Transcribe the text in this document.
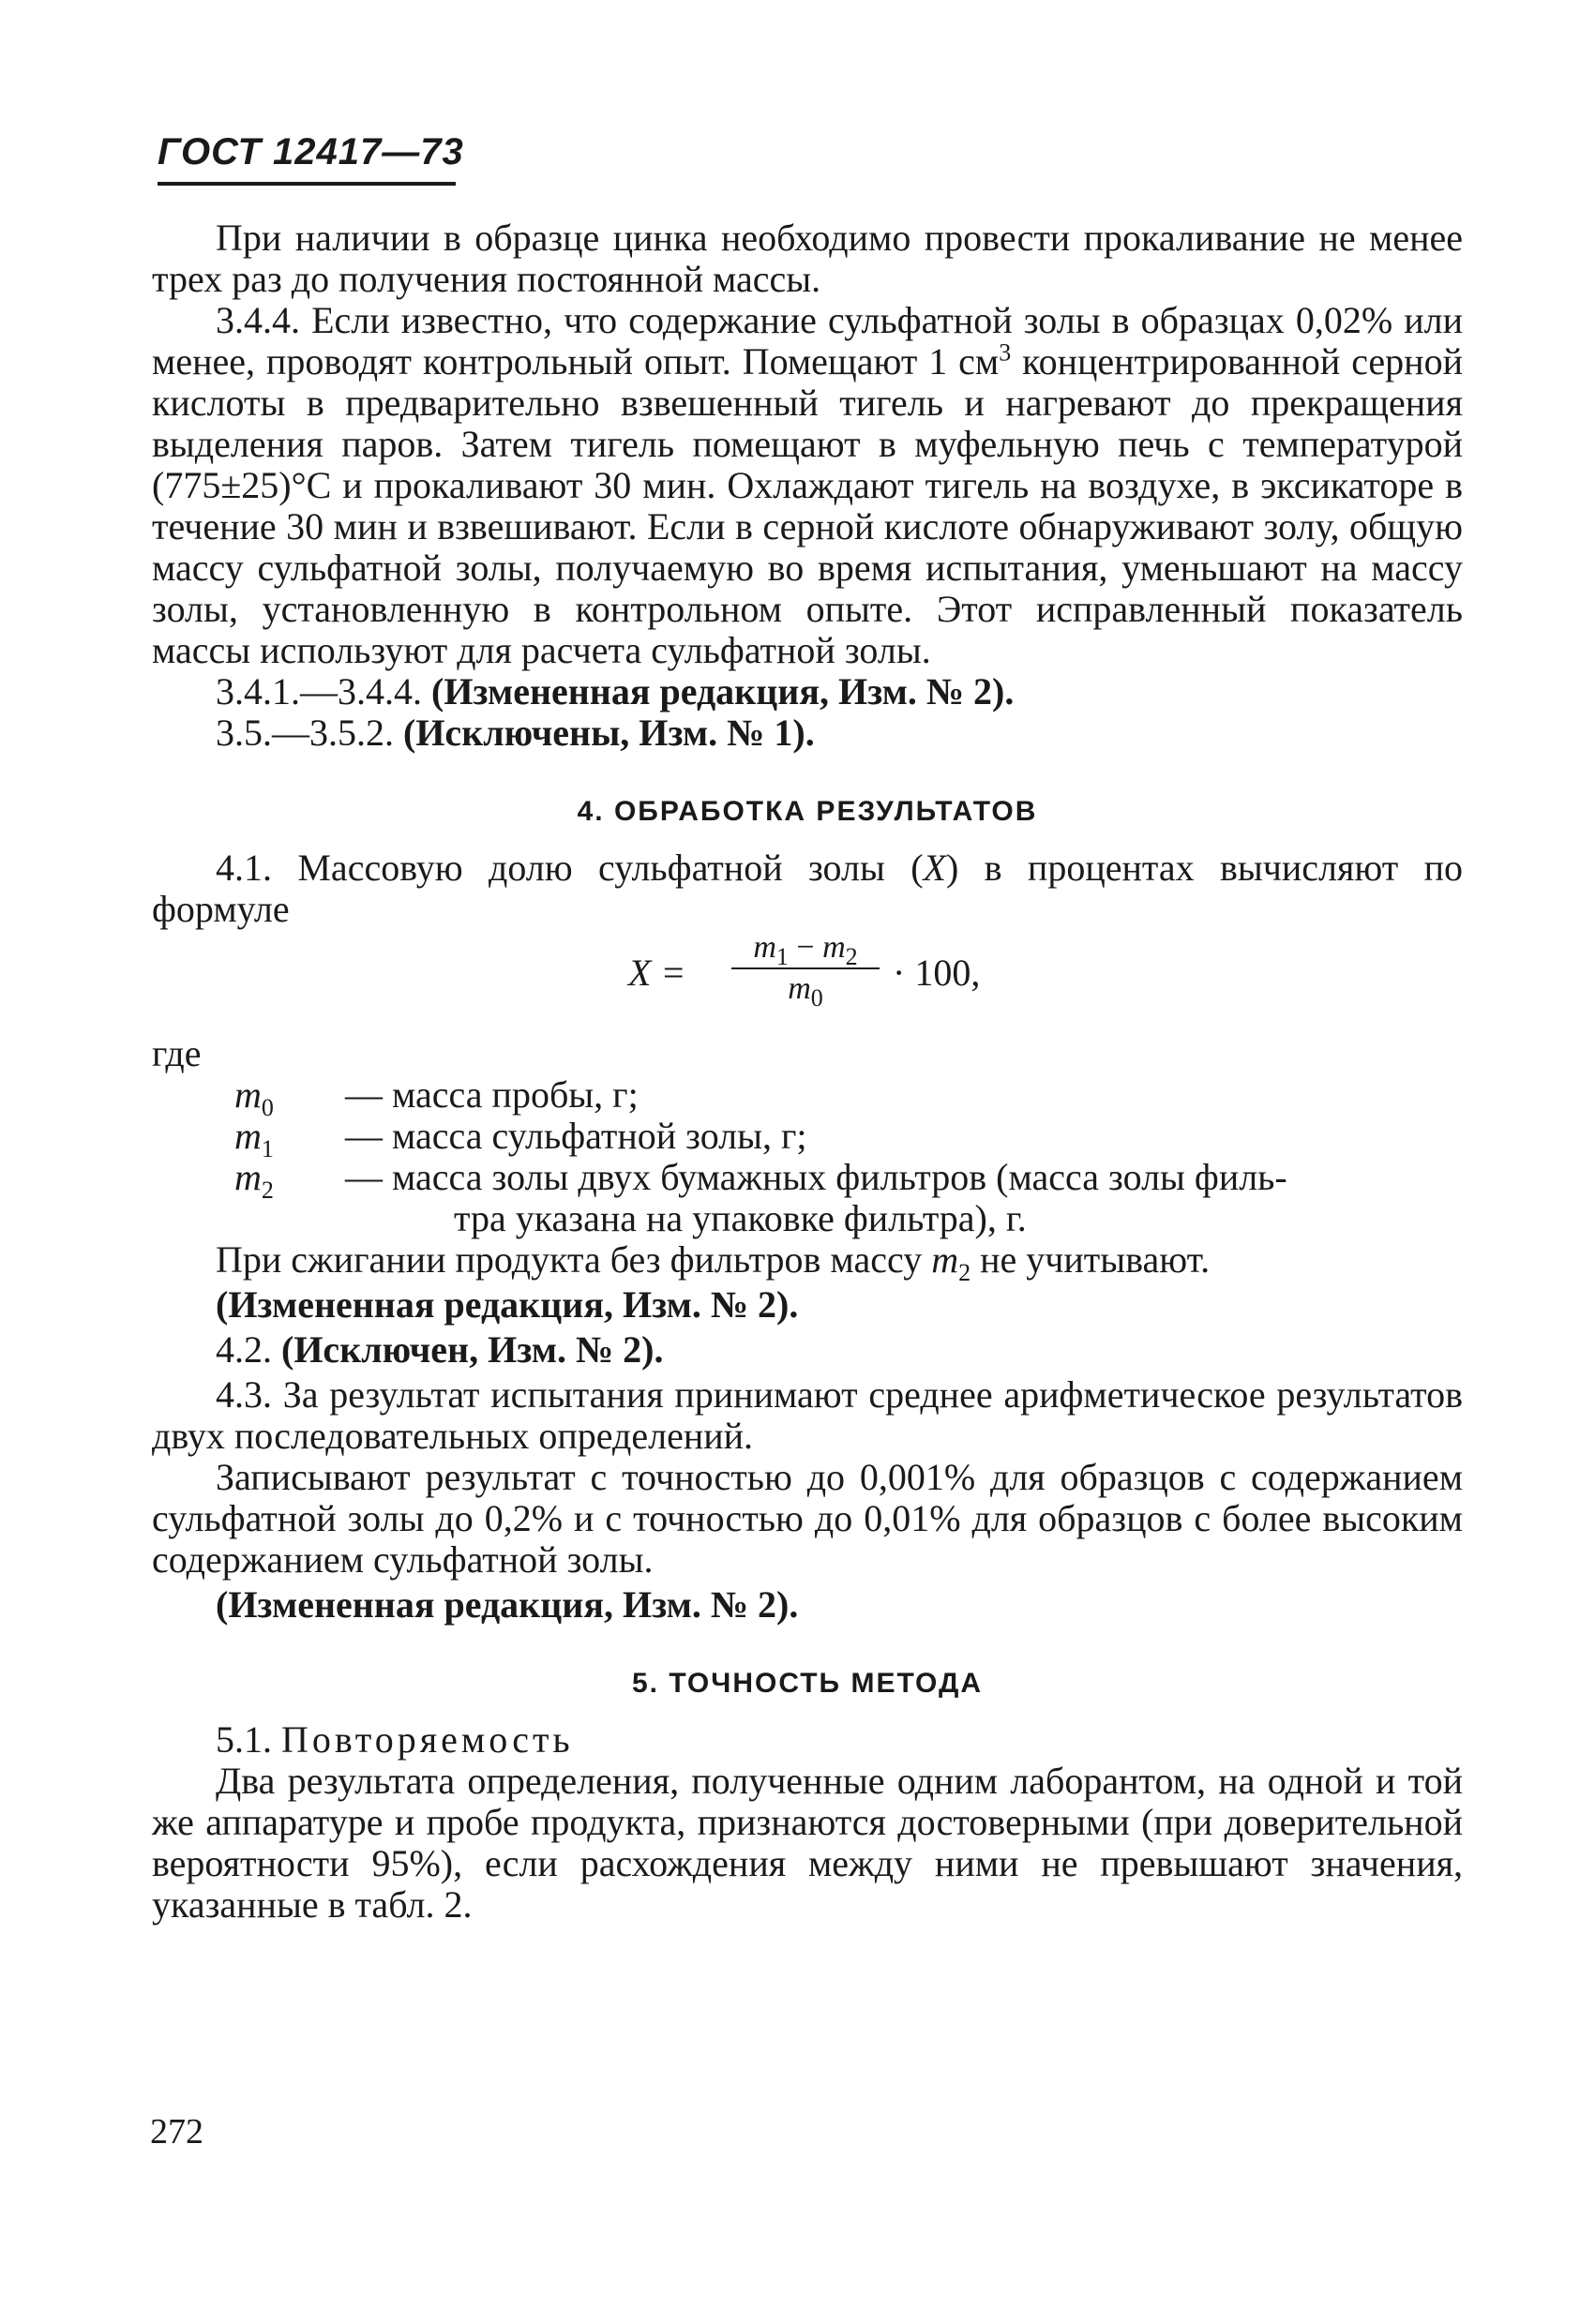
ГОСТ 12417—73

При наличии в образце цинка необходимо провести прокаливание не менее трех раз до получения постоянной массы.

3.4.4. Если известно, что содержание сульфатной золы в образцах 0,02% или менее, проводят контрольный опыт. Помещают 1 $см^3$ концентрированной серной кислоты в предварительно взвешенный тигель и нагревают до прекращения выделения паров. Затем тигель помещают в муфельную печь с температурой (775±25)°С и прокаливают 30 мин. Охлаждают тигель на воздухе, в эксикаторе в течение 30 мин и взвешивают. Если в серной кислоте обнаруживают золу, общую массу сульфатной золы, получаемую во время испытания, уменьшают на массу золы, установленную в контрольном опыте. Этот исправленный показатель массы используют для расчета сульфатной золы.

3.4.1.—3.4.4. (Измененная редакция, Изм. № 2).

3.5.—3.5.2. (Исключены, Изм. № 1).

4. ОБРАБОТКА РЕЗУЛЬТАТОВ

4.1. Массовую долю сульфатной золы (X) в процентах вычисляют по формуле

X =
$m_1 - m_2$
$m_0$
· 100,

где

$m_0$	— масса пробы, г;
$m_1$	— масса сульфатной золы, г;
$m_2$	— масса золы двух бумажных фильтров (масса золы филь-
тра указана на упаковке фильтра), г.

При сжигании продукта без фильтров массу $m_2$ не учитывают.

(Измененная редакция, Изм. № 2).

4.2. (Исключен, Изм. № 2).

4.3. За результат испытания принимают среднее арифметическое результатов двух последовательных определений.

Записывают результат с точностью до 0,001% для образцов с содержанием сульфатной золы до 0,2% и с точностью до 0,01% для образцов с более высоким содержанием сульфатной золы.

(Измененная редакция, Изм. № 2).

5. ТОЧНОСТЬ МЕТОДА

5.1. Повторяемость

Два результата определения, полученные одним лаборантом, на одной и той же аппаратуре и пробе продукта, признаются достоверными (при доверительной вероятности 95%), если расхождения между ними не превышают значения, указанные в табл. 2.

272
